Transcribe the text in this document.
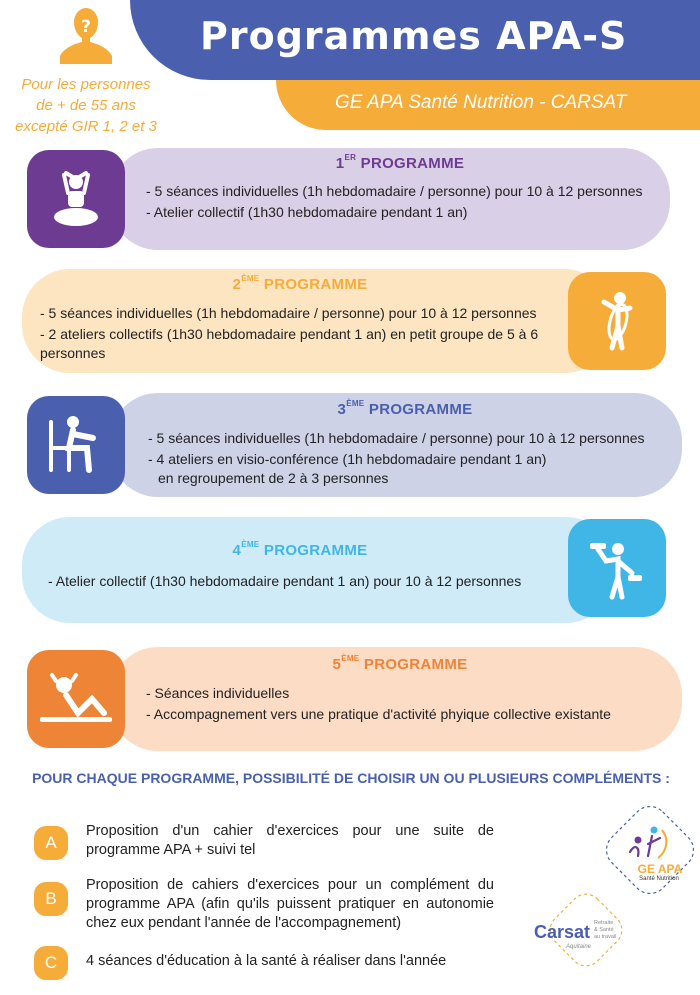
Programmes APA-S
GE APA Santé Nutrition - CARSAT
?
Pour les personnes
de + de 55 ans
excepté GIR 1, 2 et 3
1ER PROGRAMME
- 5 séances individuelles (1h hebdomadaire / personne) pour 10 à 12 personnes
- Atelier collectif (1h30 hebdomadaire pendant 1 an)
2ÈME PROGRAMME
- 5 séances individuelles (1h hebdomadaire / personne) pour 10 à 12 personnes
- 2 ateliers collectifs (1h30 hebdomadaire pendant 1 an) en petit groupe de 5 à 6 personnes
3ÈME PROGRAMME
- 5 séances individuelles (1h hebdomadaire / personne) pour 10 à 12 personnes
- 4 ateliers en visio-conférence (1h hebdomadaire pendant 1 an)
en regroupement de 2 à 3 personnes
4ÈME PROGRAMME
- Atelier collectif (1h30 hebdomadaire pendant 1 an) pour 10 à 12 personnes
5ÈME PROGRAMME
- Séances individuelles
- Accompagnement vers une pratique d'activité phyique collective existante
POUR CHAQUE PROGRAMME, POSSIBILITÉ DE CHOISIR UN OU PLUSIEURS COMPLÉMENTS :
A
Proposition d'un cahier d'exercices pour une suite de programme APA + suivi tel
B
Proposition de cahiers d'exercices pour un complément du programme APA (afin qu'ils puissent pratiquer en autonomie chez eux pendant l'année de l'accompagnement)
C	4 séances d'éducation à la santé à réaliser dans l'année
GE APA
Santé Nutrition
Carsat Retraite
& Santé
au travail
Aquitaine
